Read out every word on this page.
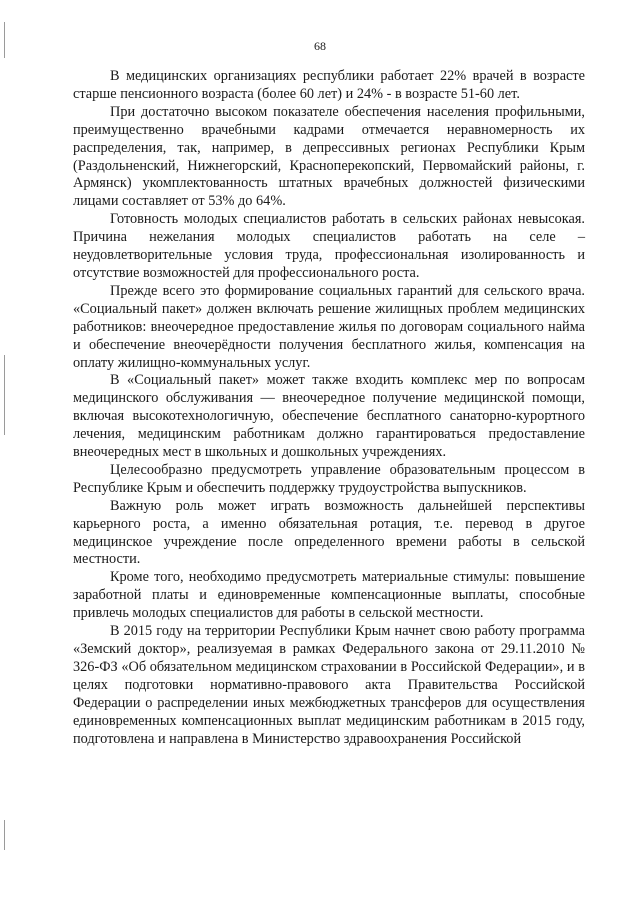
68

В медицинских организациях республики работает 22% врачей в возрасте старше пенсионного возраста (более 60 лет) и 24% - в возрасте 51-60 лет.

При достаточно высоком показателе обеспечения населения профильными, преимущественно врачебными кадрами отмечается неравномерность их распределения, так, например, в депрессивных регионах Республики Крым (Раздольненский, Нижнегорский, Красноперекопский, Первомайский районы, г. Армянск) укомплектованность штатных врачебных должностей физическими лицами составляет от 53% до 64%.

Готовность молодых специалистов работать в сельских районах невысокая. Причина нежелания молодых специалистов работать на селе – неудовлетворительные условия труда, профессиональная изолированность и отсутствие возможностей для профессионального роста.

Прежде всего это формирование социальных гарантий для сельского врача. «Социальный пакет» должен включать решение жилищных проблем медицинских работников: внеочередное предоставление жилья по договорам социального найма и обеспечение внеочерёдности получения бесплатного жилья, компенсация на оплату жилищно-коммунальных услуг.

В «Социальный пакет» может также входить комплекс мер по вопросам медицинского обслуживания — внеочередное получение медицинской помощи, включая высокотехнологичную, обеспечение бесплатного санаторно-курортного лечения, медицинским работникам должно гарантироваться предоставление внеочередных мест в школьных и дошкольных учреждениях.

Целесообразно предусмотреть управление образовательным процессом в Республике Крым и обеспечить поддержку трудоустройства выпускников.

Важную роль может играть возможность дальнейшей перспективы карьерного роста, а именно обязательная ротация, т.е. перевод в другое медицинское учреждение после определенного времени работы в сельской местности.

Кроме того, необходимо предусмотреть материальные стимулы: повышение заработной платы и единовременные компенсационные выплаты, способные привлечь молодых специалистов для работы в сельской местности.

В 2015 году на территории Республики Крым начнет свою работу программа «Земский доктор», реализуемая в рамках Федерального закона от 29.11.2010 № 326-ФЗ «Об обязательном медицинском страховании в Российской Федерации», и в целях подготовки нормативно-правового акта Правительства Российской Федерации о распределении иных межбюджетных трансферов для осуществления единовременных компенсационных выплат медицинским работникам в 2015 году, подготовлена и направлена в Министерство здравоохранения Российской
